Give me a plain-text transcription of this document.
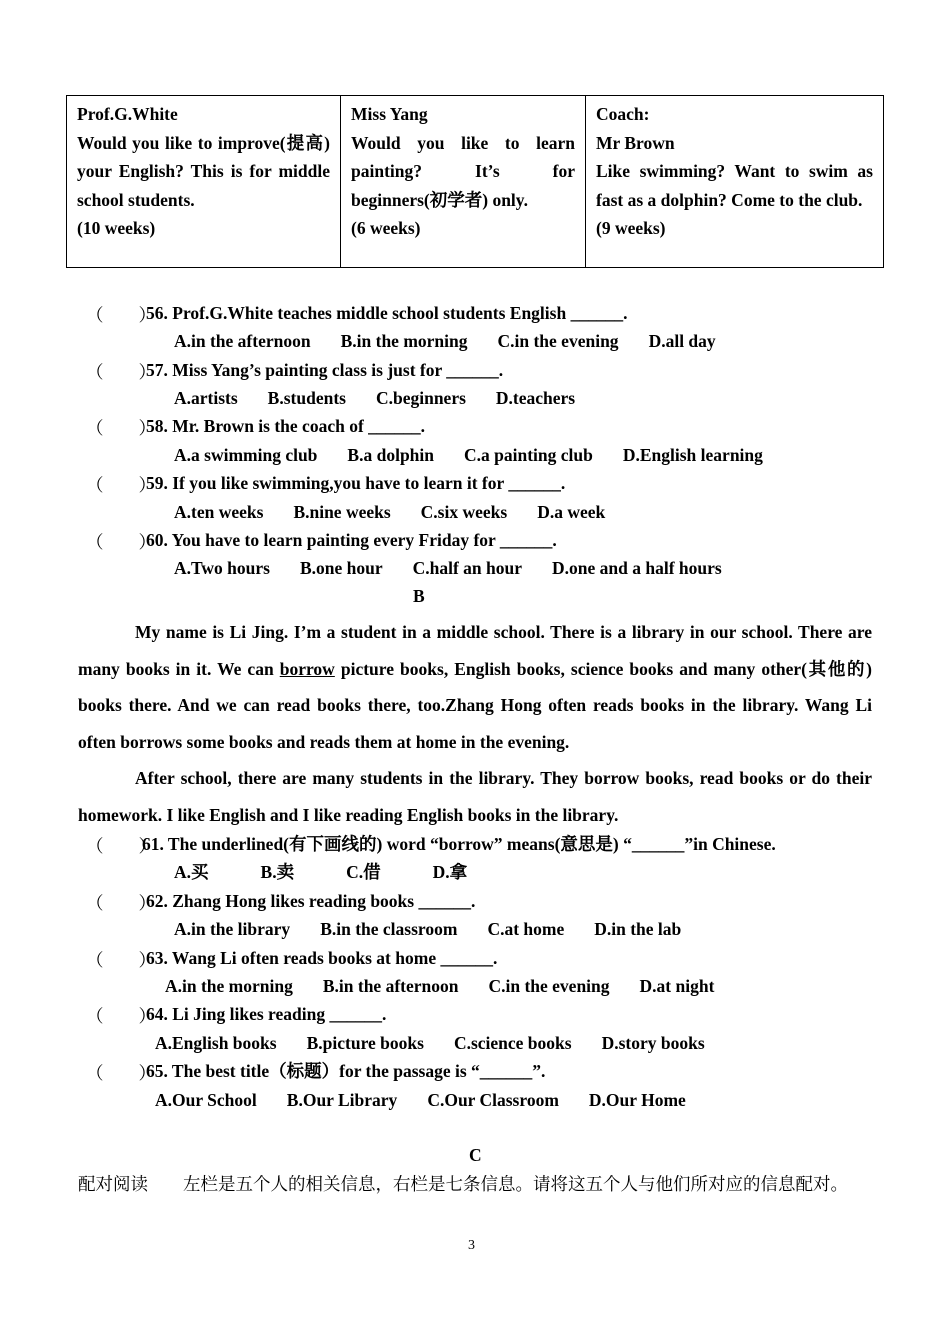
Prof.G.White
Would you like to improve(提高) your English? This is for middle school students.
(10 weeks)
Miss Yang
Would you like to learn painting? It’s for beginners(初学者) only.
(6 weeks)
Coach:
Mr Brown
Like swimming? Want to swim as fast as a dolphin? Come to the club.
(9 weeks)
（　　）
56. Prof.G.White teaches middle school students English ______.
A.in the afternoon B.in the morning C.in the evening D.all day
（　　）
57. Miss Yang’s painting class is just for ______.
A.artists B.students C.beginners D.teachers
（　　）
58. Mr. Brown is the coach of ______.
A.a swimming club B.a dolphin C.a painting club D.English learning
（　　）
59. If you like swimming,you have to learn it for ______.
A.ten weeks B.nine weeks C.six weeks D.a week
（　　）
60. You have to learn painting every Friday for ______.
A.Two hours B.one hour C.half an hour D.one and a half hours
B
My name is Li Jing. I’m a student in a middle school. There is a library in our school. There are many books in it. We can borrow picture books, English books, science books and many other(其他的) books there. And we can read books there, too.Zhang Hong often reads books in the library. Wang Li often borrows some books and reads them at home in the evening.
After school, there are many students in the library. They borrow books, read books or do their homework. I like English and I like reading English books in the library.
（　　）
61. The underlined(有下画线的) word “borrow” means(意思是) “______”in Chinese.
A.买	B.卖	C.借	D.拿
（　　）
62. Zhang Hong likes reading books ______.
A.in the library B.in the classroom C.at home D.in the lab
（　　）
63. Wang Li often reads books at home ______.
A.in the morning B.in the afternoon C.in the evening D.at night
（　　）
64. Li Jing likes reading ______.
A.English books B.picture books C.science books D.story books
（　　）
65. The best title（标题）for the passage is “______”.
A.Our School B.Our Library C.Our Classroom D.Our Home
C
配对阅读　　左栏是五个人的相关信息，右栏是七条信息。请将这五个人与他们所对应的信息配对。
3
